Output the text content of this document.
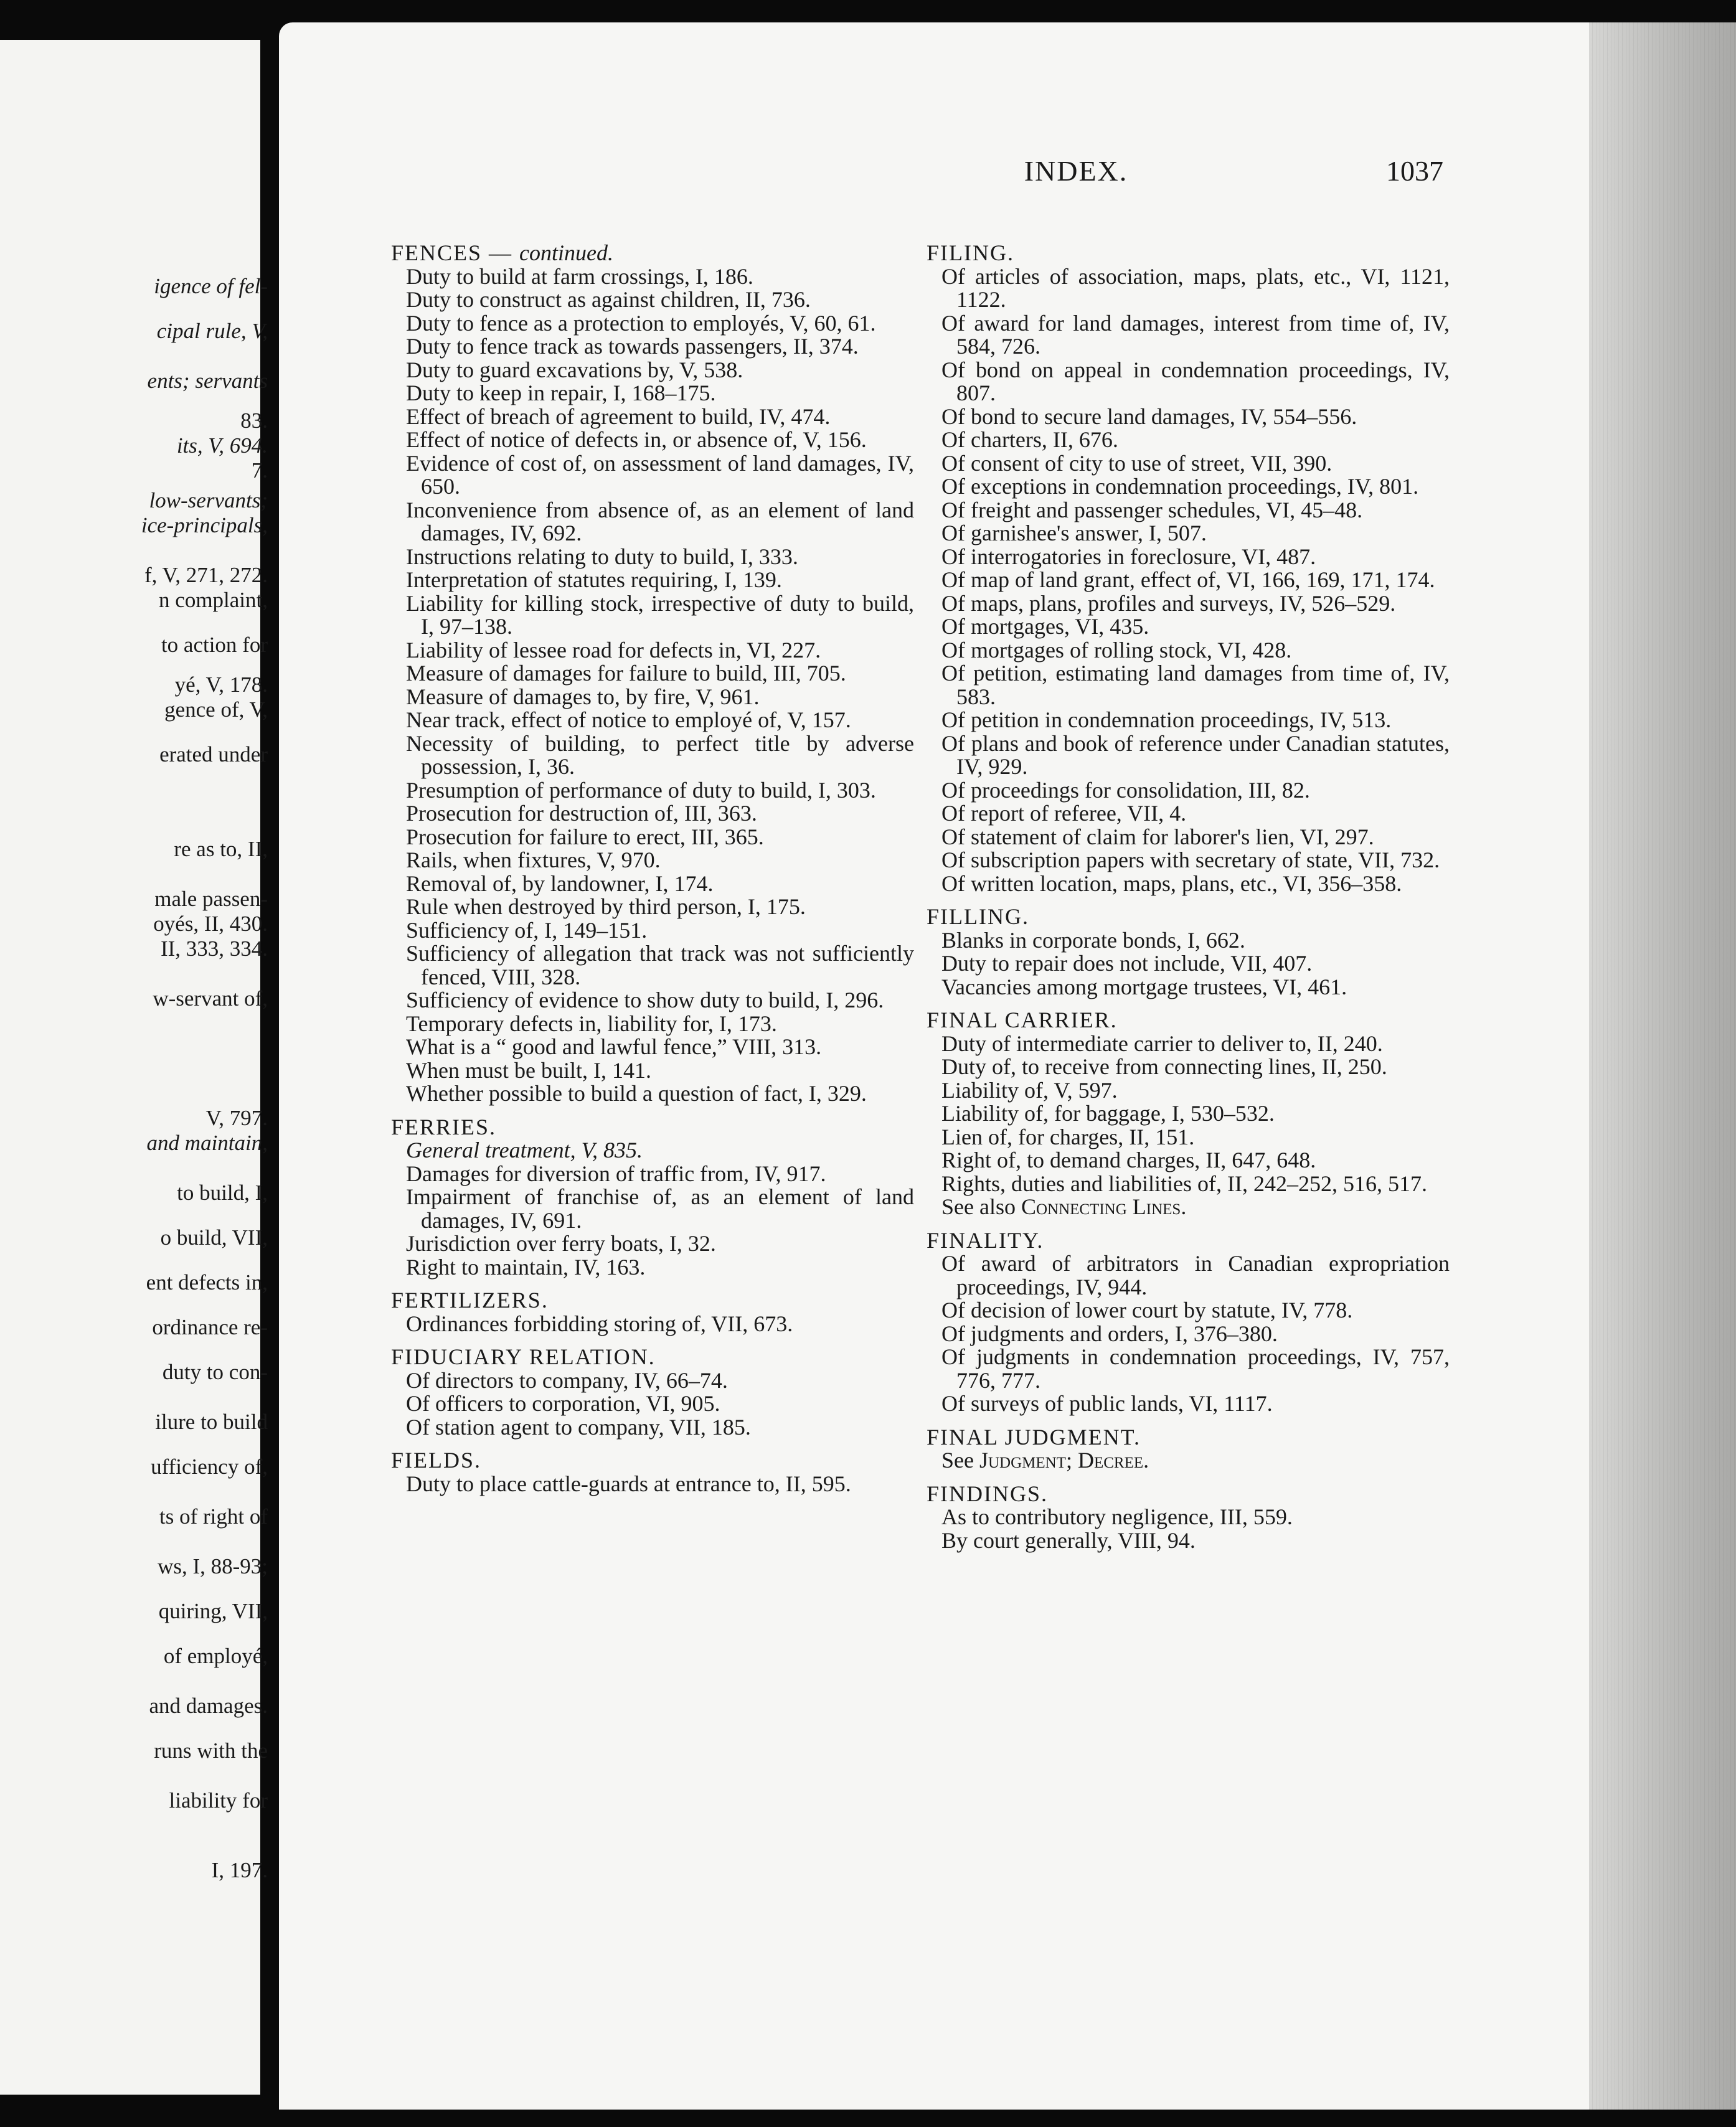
igence of fel-
cipal rule, V,
ents; servants
83.
its, V, 694.
7.
low-servants;
ice-principals,
f, V, 271, 272.
n complaint,
to action for
yé, V, 178.
gence of, V,
erated under
re as to, II,
male passen-
oyés, II, 430.
II, 333, 334.
w-servant of,
V, 797.
and maintain,
to build, I,
o build, VII,
ent defects in,
ordinance re-
duty to con-
ilure to build
ufficiency of,
ts of right of
ws, I, 88-93;
quiring, VII,
of employé,
and damages.
runs with the
liability for
I, 197.
INDEX.	1037
FENCES — continued.
Duty to build at farm crossings, I, 186.
Duty to construct as against children, II, 736.
Duty to fence as a protection to employés, V, 60, 61.
Duty to fence track as towards passengers, II, 374.
Duty to guard excavations by, V, 538.
Duty to keep in repair, I, 168–175.
Effect of breach of agreement to build, IV, 474.
Effect of notice of defects in, or absence of, V, 156.
Evidence of cost of, on assessment of land damages, IV, 650.
Inconvenience from absence of, as an element of land damages, IV, 692.
Instructions relating to duty to build, I, 333.
Interpretation of statutes requiring, I, 139.
Liability for killing stock, irrespective of duty to build, I, 97–138.
Liability of lessee road for defects in, VI, 227.
Measure of damages for failure to build, III, 705.
Measure of damages to, by fire, V, 961.
Near track, effect of notice to employé of, V, 157.
Necessity of building, to perfect title by adverse possession, I, 36.
Presumption of performance of duty to build, I, 303.
Prosecution for destruction of, III, 363.
Prosecution for failure to erect, III, 365.
Rails, when fixtures, V, 970.
Removal of, by landowner, I, 174.
Rule when destroyed by third person, I, 175.
Sufficiency of, I, 149–151.
Sufficiency of allegation that track was not sufficiently fenced, VIII, 328.
Sufficiency of evidence to show duty to build, I, 296.
Temporary defects in, liability for, I, 173.
What is a “ good and lawful fence,” VIII, 313.
When must be built, I, 141.
Whether possible to build a question of fact, I, 329.
FERRIES.
General treatment, V, 835.
Damages for diversion of traffic from, IV, 917.
Impairment of franchise of, as an element of land damages, IV, 691.
Jurisdiction over ferry boats, I, 32.
Right to maintain, IV, 163.
FERTILIZERS.
Ordinances forbidding storing of, VII, 673.
FIDUCIARY RELATION.
Of directors to company, IV, 66–74.
Of officers to corporation, VI, 905.
Of station agent to company, VII, 185.
FIELDS.
Duty to place cattle-guards at entrance to, II, 595.
FILING.
Of articles of association, maps, plats, etc., VI, 1121, 1122.
Of award for land damages, interest from time of, IV, 584, 726.
Of bond on appeal in condemnation proceedings, IV, 807.
Of bond to secure land damages, IV, 554–556.
Of charters, II, 676.
Of consent of city to use of street, VII, 390.
Of exceptions in condemnation proceedings, IV, 801.
Of freight and passenger schedules, VI, 45–48.
Of garnishee's answer, I, 507.
Of interrogatories in foreclosure, VI, 487.
Of map of land grant, effect of, VI, 166, 169, 171, 174.
Of maps, plans, profiles and surveys, IV, 526–529.
Of mortgages, VI, 435.
Of mortgages of rolling stock, VI, 428.
Of petition, estimating land damages from time of, IV, 583.
Of petition in condemnation proceedings, IV, 513.
Of plans and book of reference under Canadian statutes, IV, 929.
Of proceedings for consolidation, III, 82.
Of report of referee, VII, 4.
Of statement of claim for laborer's lien, VI, 297.
Of subscription papers with secretary of state, VII, 732.
Of written location, maps, plans, etc., VI, 356–358.
FILLING.
Blanks in corporate bonds, I, 662.
Duty to repair does not include, VII, 407.
Vacancies among mortgage trustees, VI, 461.
FINAL CARRIER.
Duty of intermediate carrier to deliver to, II, 240.
Duty of, to receive from connecting lines, II, 250.
Liability of, V, 597.
Liability of, for baggage, I, 530–532.
Lien of, for charges, II, 151.
Right of, to demand charges, II, 647, 648.
Rights, duties and liabilities of, II, 242–252, 516, 517.
See also Connecting Lines.
FINALITY.
Of award of arbitrators in Canadian expropriation proceedings, IV, 944.
Of decision of lower court by statute, IV, 778.
Of judgments and orders, I, 376–380.
Of judgments in condemnation proceedings, IV, 757, 776, 777.
Of surveys of public lands, VI, 1117.
FINAL JUDGMENT.
See Judgment; Decree.
FINDINGS.
As to contributory negligence, III, 559.
By court generally, VIII, 94.
